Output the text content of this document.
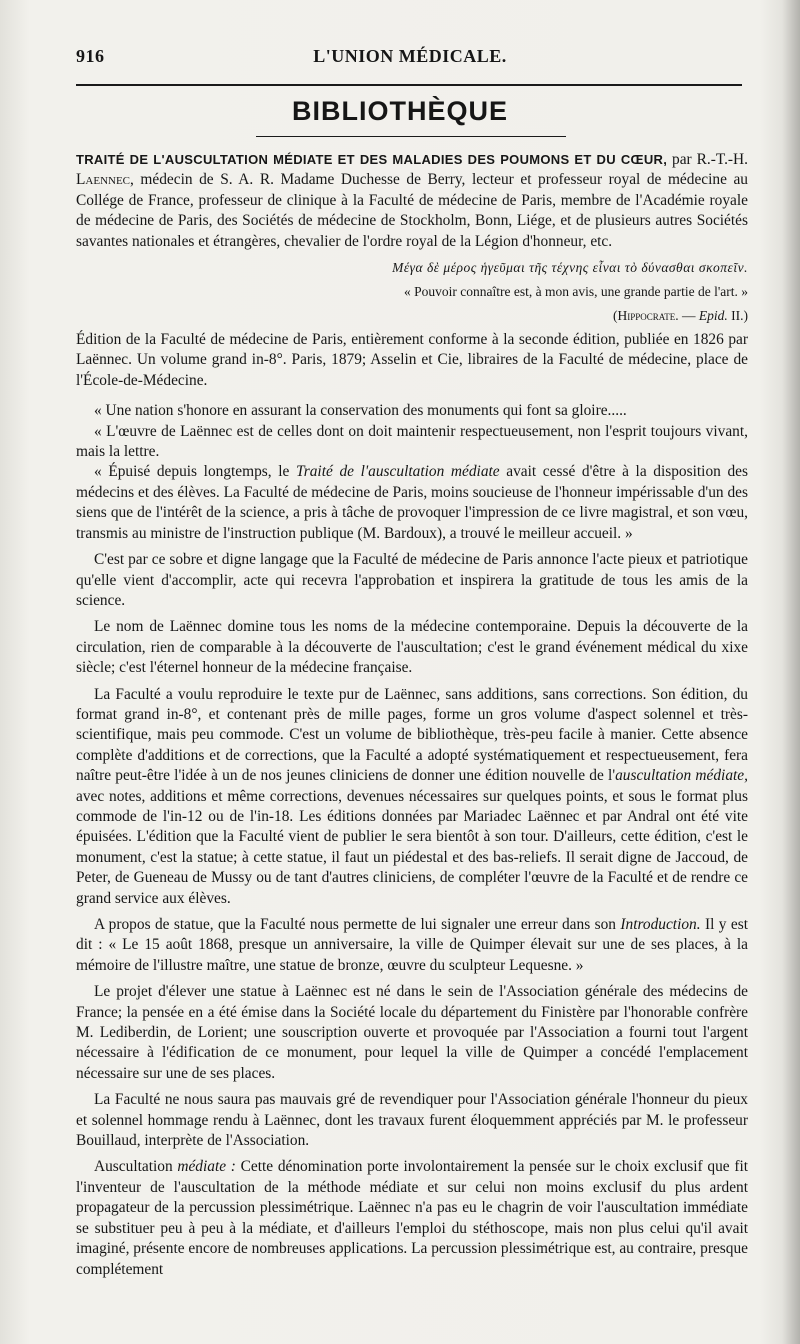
916	L'UNION MÉDICALE.
BIBLIOTHÈQUE

TRAITÉ DE L'AUSCULTATION MÉDIATE ET DES MALADIES DES POUMONS ET DU CŒUR, par R.-T.-H. Laennec, médecin de S. A. R. Madame Duchesse de Berry, lecteur et professeur royal de médecine au Collége de France, professeur de clinique à la Faculté de médecine de Paris, membre de l'Académie royale de médecine de Paris, des Sociétés de médecine de Stockholm, Bonn, Liége, et de plusieurs autres Sociétés savantes nationales et étrangères, chevalier de l'ordre royal de la Légion d'honneur, etc.

Μέγα δὲ μέρος ἡγεῦμαι τῆς τέχνης εἶναι τὸ δύνασθαι σκοπεῖν.

« Pouvoir connaître est, à mon avis, une grande partie de l'art. »

(Hippocrate. — Epid. II.)

Édition de la Faculté de médecine de Paris, entièrement conforme à la seconde édition, publiée en 1826 par Laënnec. Un volume grand in-8°. Paris, 1879; Asselin et Cie, libraires de la Faculté de médecine, place de l'École-de-Médecine.

« Une nation s'honore en assurant la conservation des monuments qui font sa gloire.....

« L'œuvre de Laënnec est de celles dont on doit maintenir respectueusement, non l'esprit toujours vivant, mais la lettre.

« Épuisé depuis longtemps, le Traité de l'auscultation médiate avait cessé d'être à la disposition des médecins et des élèves. La Faculté de médecine de Paris, moins soucieuse de l'honneur impérissable d'un des siens que de l'intérêt de la science, a pris à tâche de provoquer l'impression de ce livre magistral, et son vœu, transmis au ministre de l'instruction publique (M. Bardoux), a trouvé le meilleur accueil. »

C'est par ce sobre et digne langage que la Faculté de médecine de Paris annonce l'acte pieux et patriotique qu'elle vient d'accomplir, acte qui recevra l'approbation et inspirera la gratitude de tous les amis de la science.

Le nom de Laënnec domine tous les noms de la médecine contemporaine. Depuis la découverte de la circulation, rien de comparable à la découverte de l'auscultation; c'est le grand événement médical du xixe siècle; c'est l'éternel honneur de la médecine française.

La Faculté a voulu reproduire le texte pur de Laënnec, sans additions, sans corrections. Son édition, du format grand in-8°, et contenant près de mille pages, forme un gros volume d'aspect solennel et très-scientifique, mais peu commode. C'est un volume de bibliothèque, très-peu facile à manier. Cette absence complète d'additions et de corrections, que la Faculté a adopté systématiquement et respectueusement, fera naître peut-être l'idée à un de nos jeunes cliniciens de donner une édition nouvelle de l'auscultation médiate, avec notes, additions et même corrections, devenues nécessaires sur quelques points, et sous le format plus commode de l'in-12 ou de l'in-18. Les éditions données par Mariadec Laënnec et par Andral ont été vite épuisées. L'édition que la Faculté vient de publier le sera bientôt à son tour. D'ailleurs, cette édition, c'est le monument, c'est la statue; à cette statue, il faut un piédestal et des bas-reliefs. Il serait digne de Jaccoud, de Peter, de Gueneau de Mussy ou de tant d'autres cliniciens, de compléter l'œuvre de la Faculté et de rendre ce grand service aux élèves.

A propos de statue, que la Faculté nous permette de lui signaler une erreur dans son Introduction. Il y est dit : « Le 15 août 1868, presque un anniversaire, la ville de Quimper élevait sur une de ses places, à la mémoire de l'illustre maître, une statue de bronze, œuvre du sculpteur Lequesne. »

Le projet d'élever une statue à Laënnec est né dans le sein de l'Association générale des médecins de France; la pensée en a été émise dans la Société locale du département du Finistère par l'honorable confrère M. Lediberdin, de Lorient; une souscription ouverte et provoquée par l'Association a fourni tout l'argent nécessaire à l'édification de ce monument, pour lequel la ville de Quimper a concédé l'emplacement nécessaire sur une de ses places.

La Faculté ne nous saura pas mauvais gré de revendiquer pour l'Association générale l'honneur du pieux et solennel hommage rendu à Laënnec, dont les travaux furent éloquemment appréciés par M. le professeur Bouillaud, interprète de l'Association.

Auscultation médiate : Cette dénomination porte involontairement la pensée sur le choix exclusif que fit l'inventeur de l'auscultation de la méthode médiate et sur celui non moins exclusif du plus ardent propagateur de la percussion plessimétrique. Laënnec n'a pas eu le chagrin de voir l'auscultation immédiate se substituer peu à peu à la médiate, et d'ailleurs l'emploi du stéthoscope, mais non plus celui qu'il avait imaginé, présente encore de nombreuses applications. La percussion plessimétrique est, au contraire, presque complétement
